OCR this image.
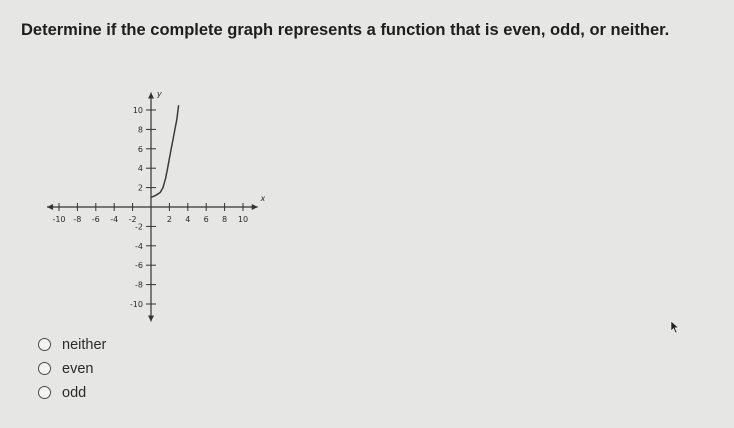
Determine if the complete graph represents a function that is even, odd, or neither.
-10 -8 -6 -4 -2	2 4 6 8 10
10
8
6
4
2
-2
-4
-6
-8
-10
x
y
neither
even
odd
